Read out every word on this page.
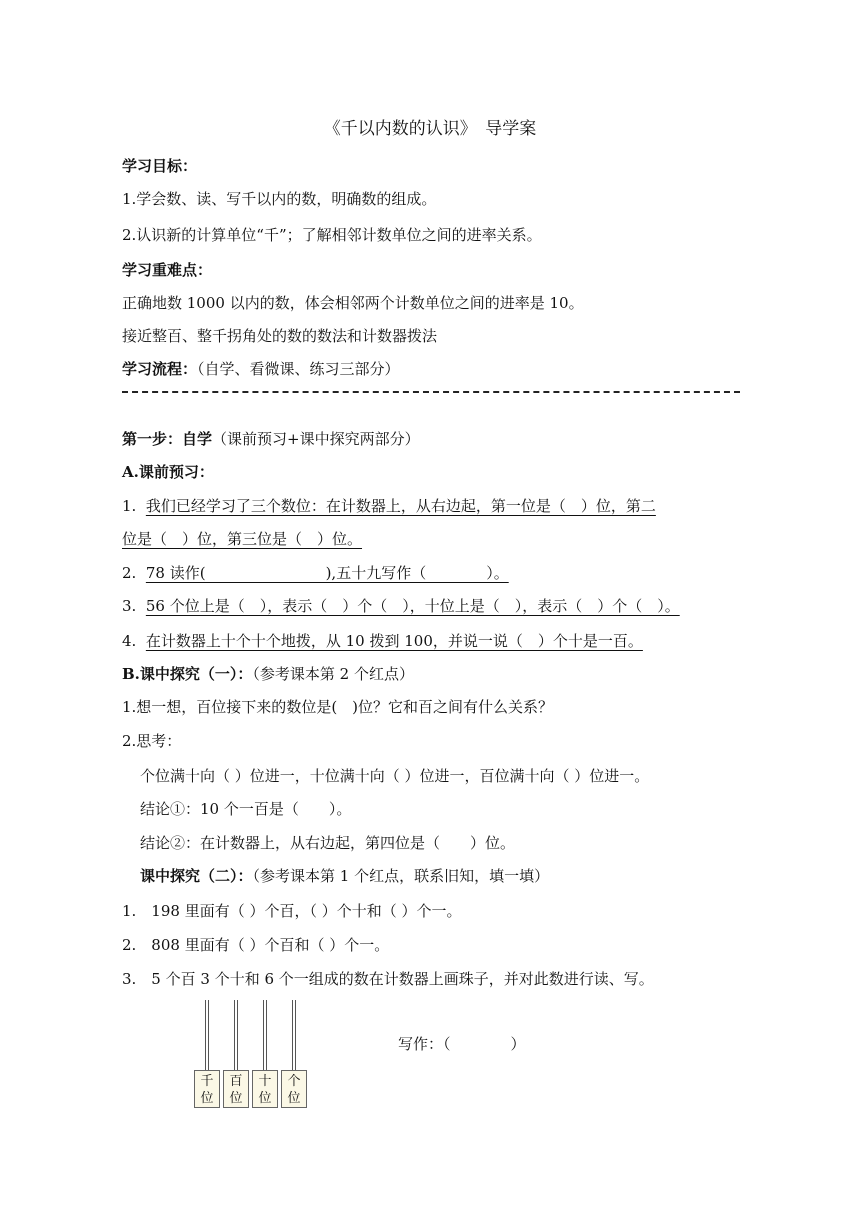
《千以内数的认识》　导学案
学习目标：
1.学会数、读、写千以内的数，明确数的组成。
2.认识新的计算单位“千”；了解相邻计数单位之间的进率关系。
学习重难点：
正确地数 1000 以内的数，体会相邻两个计数单位之间的进率是 10。
接近整百、整千拐角处的数的数法和计数器拨法
学习流程：（自学、看微课、练习三部分）
第一步：自学（课前预习+课中探究两部分）
A.课前预习：
1. 我们已经学习了三个数位：在计数器上，从右边起，第一位是（　）位，第二
位是（　）位，第三位是（　）位。
2. 78 读作(　　　　　　　　),五十九写作（　　　　）。
3. 56 个位上是（　），表示（　）个（　），十位上是（　），表示（　）个（　）。
4. 在计数器上十个十个地拨，从 10 拨到 100，并说一说（　）个十是一百。
B.课中探究（一）：（参考课本第 2 个红点）
1.想一想，百位接下来的数位是(　)位？它和百之间有什么关系？
2.思考：
个位满十向（ ）位进一，十位满十向（ ）位进一，百位满十向（ ）位进一。
结论①：10 个一百是（　　）。
结论②：在计数器上，从右边起，第四位是（　　）位。
课中探究（二）：（参考课本第 1 个红点，联系旧知，填一填）
1.　198 里面有（ ）个百，（ ）个十和（ ）个一。
2.　808 里面有（ ）个百和（ ）个一。
3.　5 个百 3 个十和 6 个一组成的数在计数器上画珠子，并对此数进行读、写。
千
位
百
位
十
位
个
位
写作：（　　　　）
